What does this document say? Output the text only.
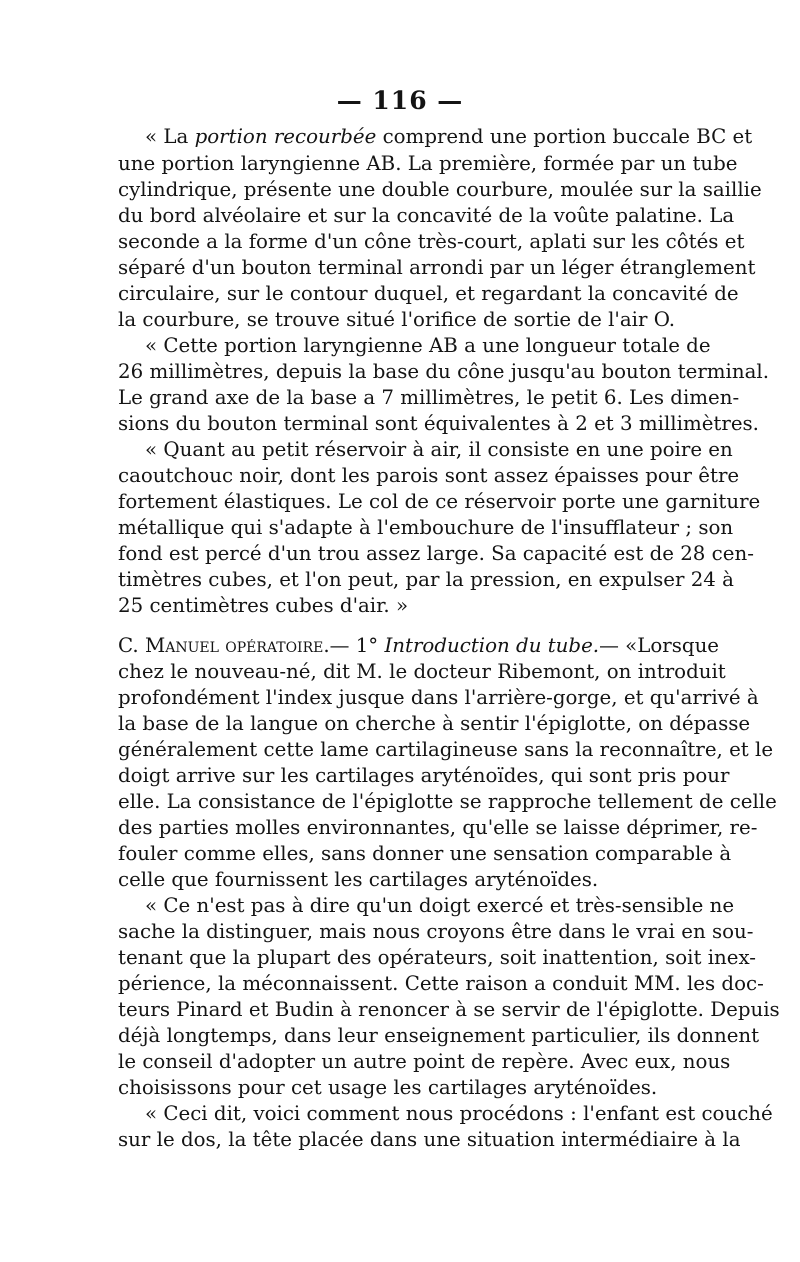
— 116 —
« La portion recourbée comprend une portion buccale BC et
une portion laryngienne AB. La première, formée par un tube
cylindrique, présente une double courbure, moulée sur la saillie
du bord alvéolaire et sur la concavité de la voûte palatine. La
seconde a la forme d'un cône très-court, aplati sur les côtés et
séparé d'un bouton terminal arrondi par un léger étranglement
circulaire, sur le contour duquel, et regardant la concavité de
la courbure, se trouve situé l'orifice de sortie de l'air O.
« Cette portion laryngienne AB a une longueur totale de
26 millimètres, depuis la base du cône jusqu'au bouton terminal.
Le grand axe de la base a 7 millimètres, le petit 6. Les dimen-
sions du bouton terminal sont équivalentes à 2 et 3 millimètres.
« Quant au petit réservoir à air, il consiste en une poire en
caoutchouc noir, dont les parois sont assez épaisses pour être
fortement élastiques. Le col de ce réservoir porte une garniture
métallique qui s'adapte à l'embouchure de l'insufflateur ; son
fond est percé d'un trou assez large. Sa capacité est de 28 cen-
timètres cubes, et l'on peut, par la pression, en expulser 24 à
25 centimètres cubes d'air. »
C. Manuel opératoire.— 1° Introduction du tube.— «Lorsque
chez le nouveau-né, dit M. le docteur Ribemont, on introduit
profondément l'index jusque dans l'arrière-gorge, et qu'arrivé à
la base de la langue on cherche à sentir l'épiglotte, on dépasse
généralement cette lame cartilagineuse sans la reconnaître, et le
doigt arrive sur les cartilages aryténoïdes, qui sont pris pour
elle. La consistance de l'épiglotte se rapproche tellement de celle
des parties molles environnantes, qu'elle se laisse déprimer, re-
fouler comme elles, sans donner une sensation comparable à
celle que fournissent les cartilages aryténoïdes.
« Ce n'est pas à dire qu'un doigt exercé et très-sensible ne
sache la distinguer, mais nous croyons être dans le vrai en sou-
tenant que la plupart des opérateurs, soit inattention, soit inex-
périence, la méconnaissent. Cette raison a conduit MM. les doc-
teurs Pinard et Budin à renoncer à se servir de l'épiglotte. Depuis
déjà longtemps, dans leur enseignement particulier, ils donnent
le conseil d'adopter un autre point de repère. Avec eux, nous
choisissons pour cet usage les cartilages aryténoïdes.
« Ceci dit, voici comment nous procédons : l'enfant est couché
sur le dos, la tête placée dans une situation intermédiaire à la
